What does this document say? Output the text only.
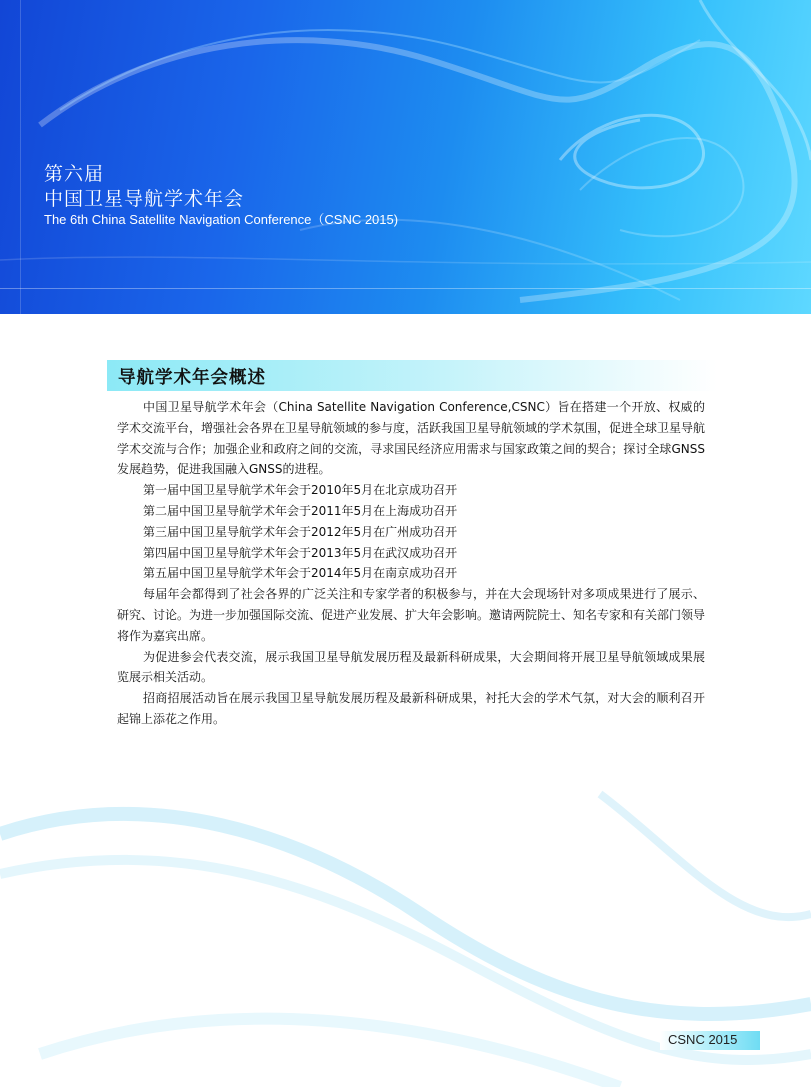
第六届
中国卫星导航学术年会
The 6th China Satellite Navigation Conference（CSNC 2015)
导航学术年会概述

中国卫星导航学术年会（China Satellite Navigation Conference,CSNC）旨在搭建一个开放、权威的学术交流平台，增强社会各界在卫星导航领域的参与度，活跃我国卫星导航领域的学术氛围，促进全球卫星导航学术交流与合作；加强企业和政府之间的交流，寻求国民经济应用需求与国家政策之间的契合；探讨全球GNSS发展趋势，促进我国融入GNSS的进程。

第一届中国卫星导航学术年会于2010年5月在北京成功召开

第二届中国卫星导航学术年会于2011年5月在上海成功召开

第三届中国卫星导航学术年会于2012年5月在广州成功召开

第四届中国卫星导航学术年会于2013年5月在武汉成功召开

第五届中国卫星导航学术年会于2014年5月在南京成功召开

每届年会都得到了社会各界的广泛关注和专家学者的积极参与，并在大会现场针对多项成果进行了展示、研究、讨论。为进一步加强国际交流、促进产业发展、扩大年会影响。邀请两院院士、知名专家和有关部门领导将作为嘉宾出席。

为促进参会代表交流，展示我国卫星导航发展历程及最新科研成果，大会期间将开展卫星导航领域成果展览展示相关活动。

招商招展活动旨在展示我国卫星导航发展历程及最新科研成果，衬托大会的学术气氛，对大会的顺利召开起锦上添花之作用。

CSNC 2015
